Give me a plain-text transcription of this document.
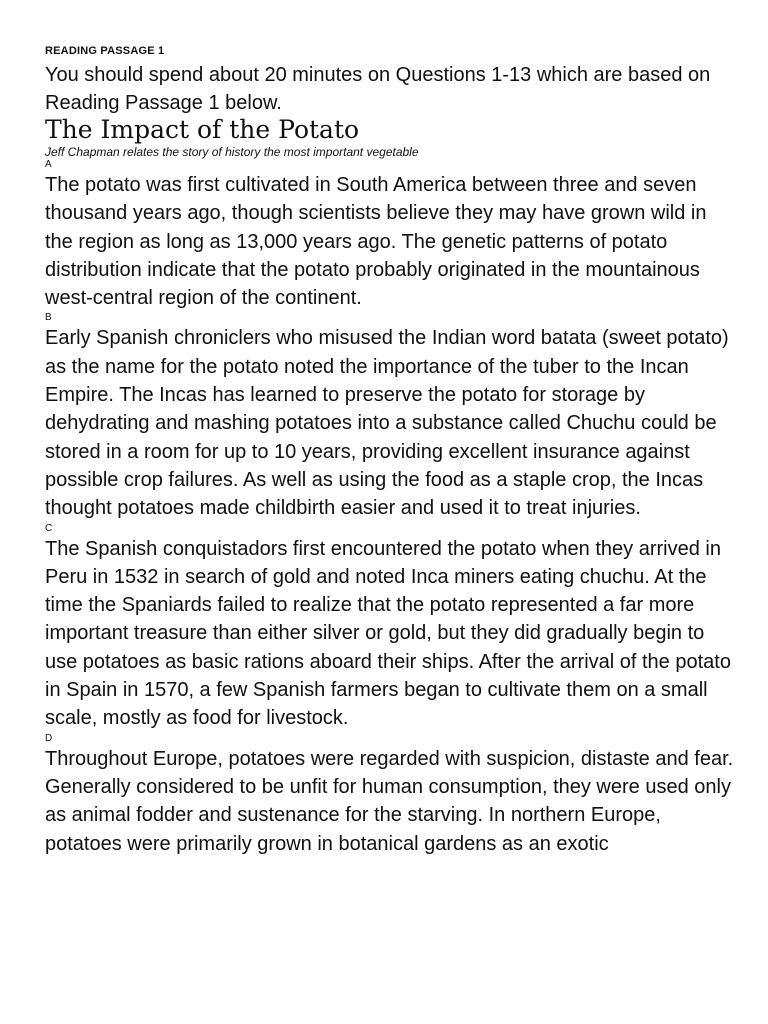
READING PASSAGE 1

You should spend about 20 minutes on Questions 1-13 which are based on Reading Passage 1 below.

The Impact of the Potato

Jeff Chapman relates the story of history the most important vegetable

A

The potato was first cultivated in South America between three and seven thousand years ago, though scientists believe they may have grown wild in the region as long as 13,000 years ago. The genetic patterns of potato distribution indicate that the potato probably originated in the mountainous west-central region of the continent.

B

Early Spanish chroniclers who misused the Indian word batata (sweet potato) as the name for the potato noted the importance of the tuber to the Incan Empire. The Incas has learned to preserve the potato for storage by dehydrating and mashing potatoes into a substance called Chuchu could be stored in a room for up to 10 years, providing excellent insurance against possible crop failures. As well as using the food as a staple crop, the Incas thought potatoes made childbirth easier and used it to treat injuries.

C

The Spanish conquistadors first encountered the potato when they arrived in Peru in 1532 in search of gold and noted Inca miners eating chuchu. At the time the Spaniards failed to realize that the potato represented a far more important treasure than either silver or gold, but they did gradually begin to use potatoes as basic rations aboard their ships. After the arrival of the potato in Spain in 1570, a few Spanish farmers began to cultivate them on a small scale, mostly as food for livestock.

D

Throughout Europe, potatoes were regarded with suspicion, distaste and fear. Generally considered to be unfit for human consumption, they were used only as animal fodder and sustenance for the starving. In northern Europe, potatoes were primarily grown in botanical gardens as an exotic
